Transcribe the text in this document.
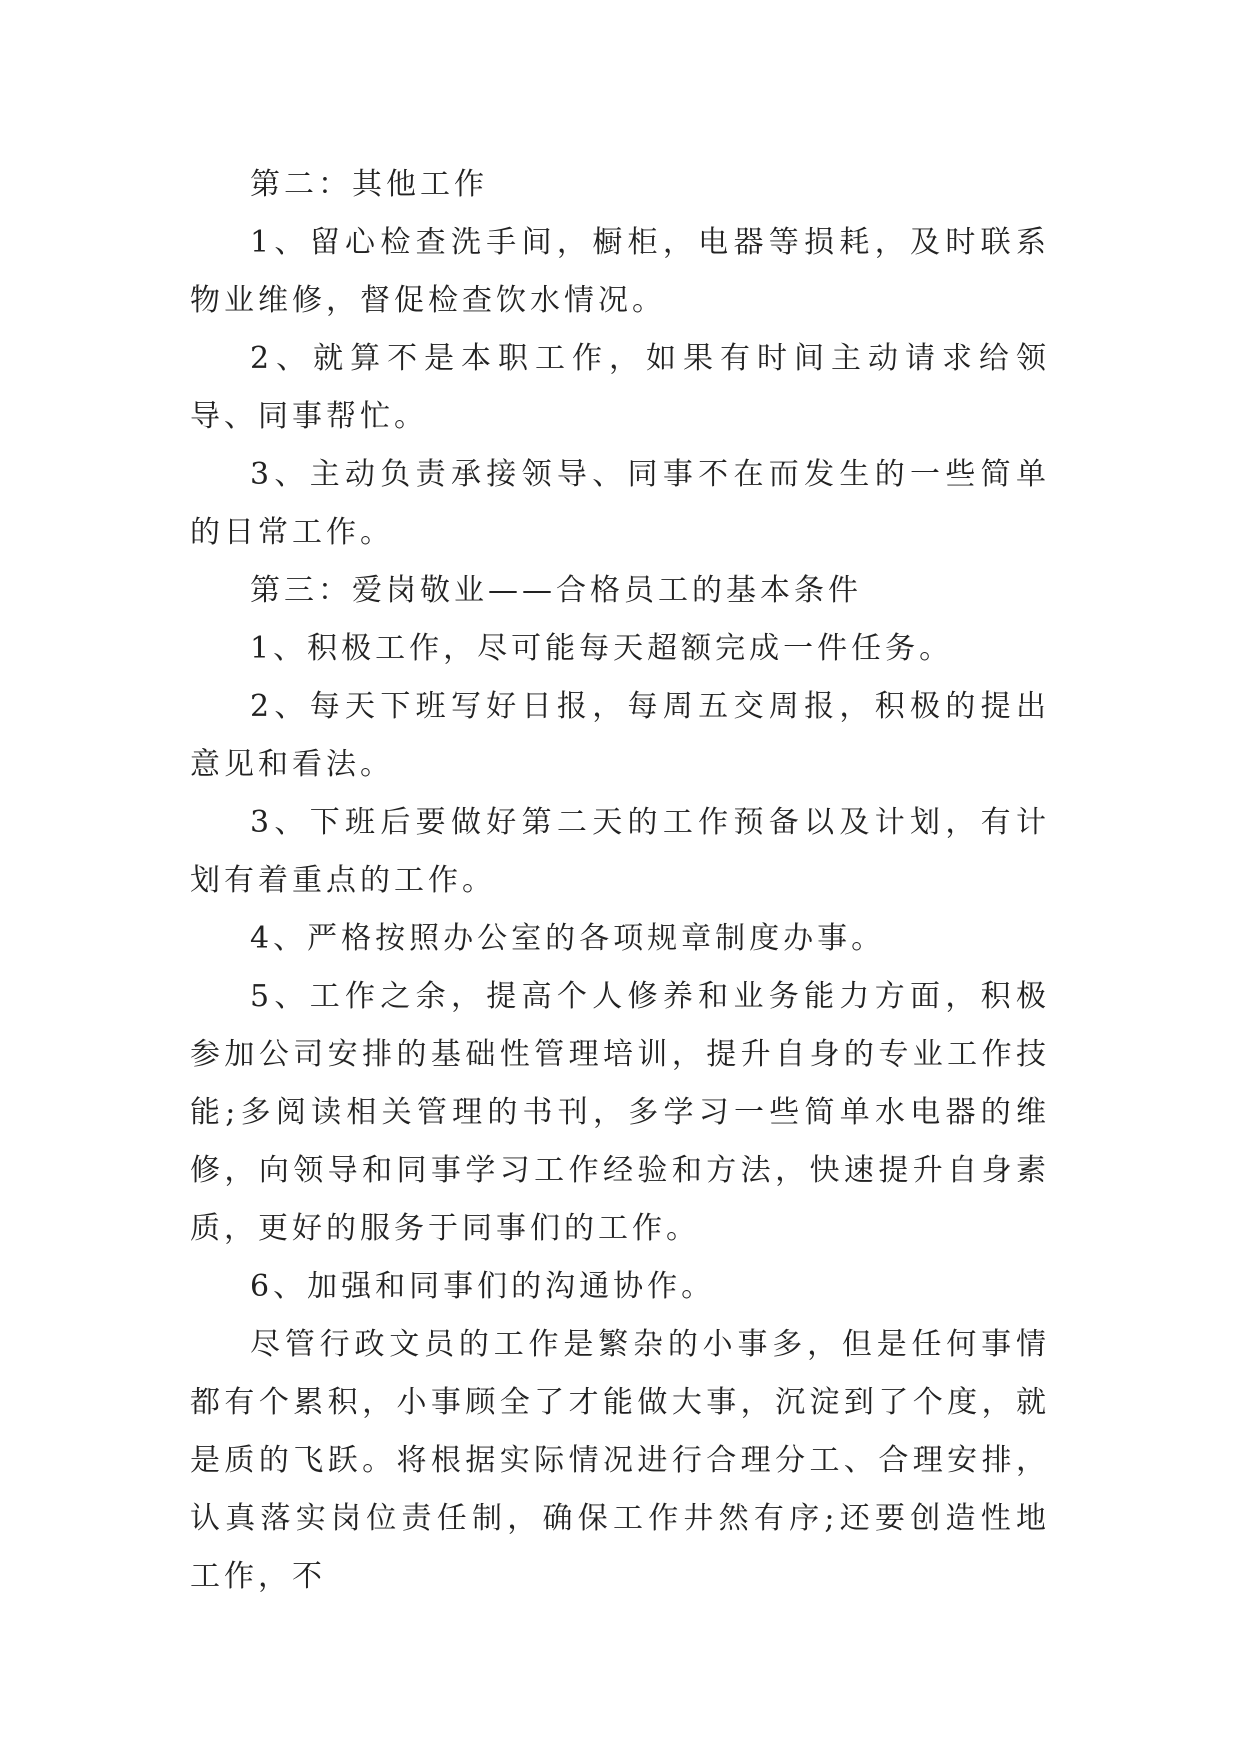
第二：其他工作

1、留心检查洗手间，橱柜，电器等损耗，及时联系物业维修，督促检查饮水情况。

2、就算不是本职工作，如果有时间主动请求给领导、同事帮忙。

3、主动负责承接领导、同事不在而发生的一些简单的日常工作。

第三：爱岗敬业——合格员工的基本条件

1、积极工作，尽可能每天超额完成一件任务。

2、每天下班写好日报，每周五交周报，积极的提出意见和看法。

3、下班后要做好第二天的工作预备以及计划，有计划有着重点的工作。

4、严格按照办公室的各项规章制度办事。

5、工作之余，提高个人修养和业务能力方面，积极参加公司安排的基础性管理培训，提升自身的专业工作技能;多阅读相关管理的书刊，多学习一些简单水电器的维修，向领导和同事学习工作经验和方法，快速提升自身素质，更好的服务于同事们的工作。

6、加强和同事们的沟通协作。

尽管行政文员的工作是繁杂的小事多，但是任何事情都有个累积，小事顾全了才能做大事，沉淀到了个度，就是质的飞跃。将根据实际情况进行合理分工、合理安排，认真落实岗位责任制，确保工作井然有序;还要创造性地工作，不
